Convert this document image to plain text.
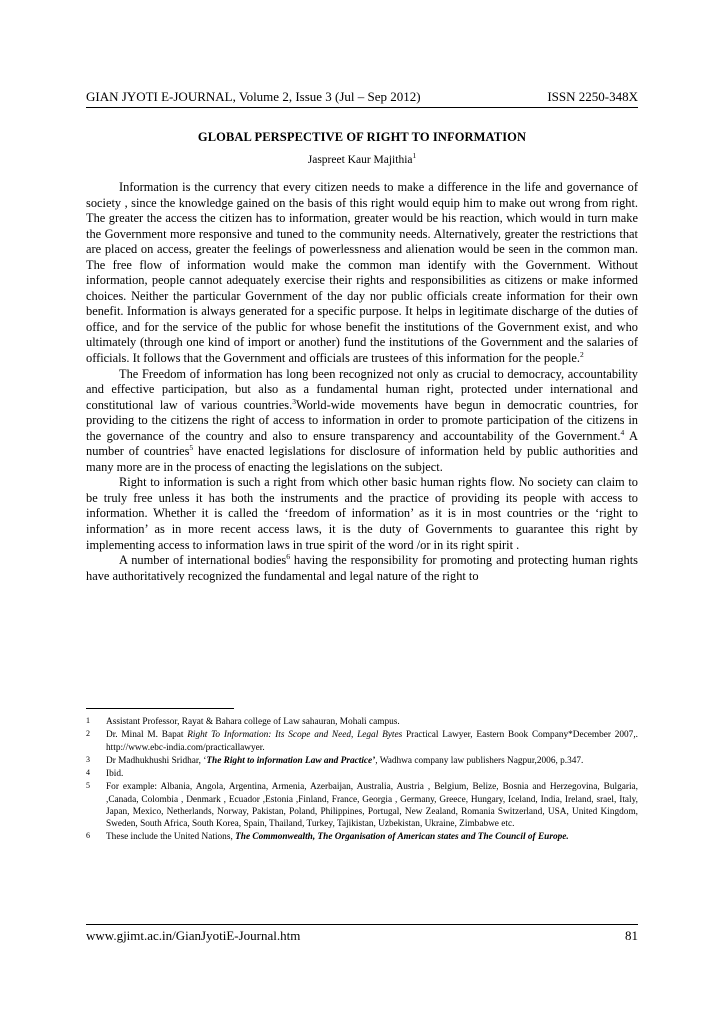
GIAN JYOTI E-JOURNAL, Volume 2, Issue 3 (Jul – Sep 2012)	ISSN 2250-348X
GLOBAL PERSPECTIVE OF RIGHT TO INFORMATION
Jaspreet Kaur Majithia$^1$

Information is the currency that every citizen needs to make a difference in the life and governance of society , since the knowledge gained on the basis of this right would equip him to make out wrong from right. The greater the access the citizen has to information, greater would be his reaction, which would in turn make the Government more responsive and tuned to the community needs. Alternatively, greater the restrictions that are placed on access, greater the feelings of powerlessness and alienation would be seen in the common man. The free flow of information would make the common man identify with the Government. Without information, people cannot adequately exercise their rights and responsibilities as citizens or make informed choices. Neither the particular Government of the day nor public officials create information for their own benefit. Information is always generated for a specific purpose. It helps in legitimate discharge of the duties of office, and for the service of the public for whose benefit the institutions of the Government exist, and who ultimately (through one kind of import or another) fund the institutions of the Government and the salaries of officials. It follows that the Government and officials are trustees of this information for the people.$^2$

The Freedom of information has long been recognized not only as crucial to democracy, accountability and effective participation, but also as a fundamental human right, protected under international and constitutional law of various countries.$^3$World-wide movements have begun in democratic countries, for providing to the citizens the right of access to information in order to promote participation of the citizens in the governance of the country and also to ensure transparency and accountability of the Government.$^4$ A number of countries$^5$ have enacted legislations for disclosure of information held by public authorities and many more are in the process of enacting the legislations on the subject.

Right to information is such a right from which other basic human rights flow. No society can claim to be truly free unless it has both the instruments and the practice of providing its people with access to information. Whether it is called the ‘freedom of information’ as it is in most countries or the ‘right to information’ as in more recent access laws, it is the duty of Governments to guarantee this right by implementing access to information laws in true spirit of the word /or in its right spirit .

A number of international bodies$^6$ having the responsibility for promoting and protecting human rights have authoritatively recognized the fundamental and legal nature of the right to

1	Assistant Professor, Rayat & Bahara college of Law sahauran, Mohali campus.
2	Dr. Minal M. Bapat Right To Information: Its Scope and Need, Legal Bytes Practical Lawyer, Eastern Book Company*December 2007,. http://www.ebc-india.com/practicallawyer.
3	Dr Madhukhushi Sridhar, ‘The Right to information Law and Practice’, Wadhwa company law publishers Nagpur,2006, p.347.
4	Ibid.
5	For example: Albania, Angola, Argentina, Armenia, Azerbaijan, Australia, Austria , Belgium, Belize, Bosnia and Herzegovina, Bulgaria, ,Canada, Colombia , Denmark , Ecuador ,Estonia ,Finland, France, Georgia , Germany, Greece, Hungary, Iceland, India, Ireland, srael, Italy, Japan, Mexico, Netherlands, Norway, Pakistan, Poland, Philippines, Portugal, New Zealand, Romania Switzerland, USA, United Kingdom, Sweden, South Africa, South Korea, Spain, Thailand, Turkey, Tajikistan, Uzbekistan, Ukraine, Zimbabwe etc.
6	These include the United Nations, The Commonwealth, The Organisation of American states and The Council of Europe.
www.gjimt.ac.in/GianJyotiE-Journal.htm	81
